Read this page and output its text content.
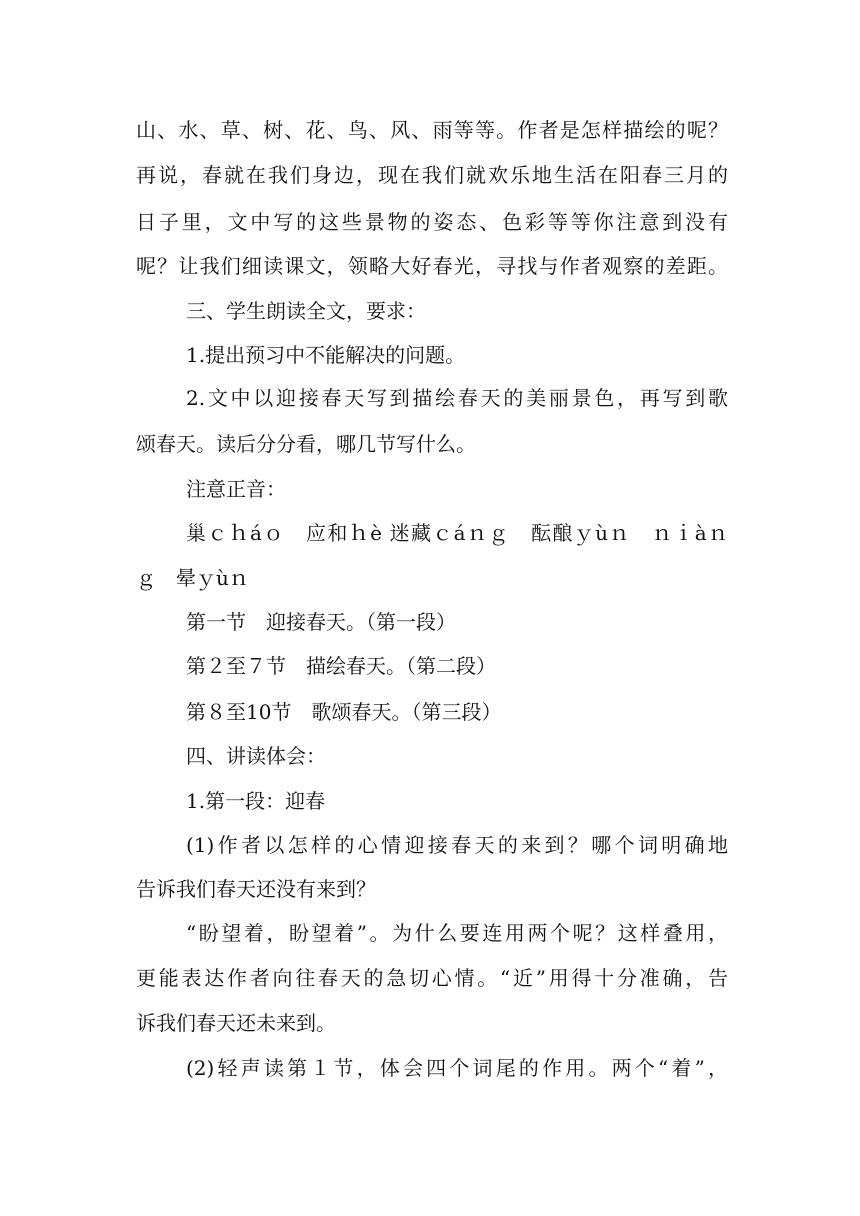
山、水、草、树、花、鸟、风、雨等等。作者是怎样描绘的呢？
再说，春就在我们身边，现在我们就欢乐地生活在阳春三月的
日子里，文中写的这些景物的姿态、色彩等等你注意到没有
呢？让我们细读课文，领略大好春光，寻找与作者观察的差距。
三、学生朗读全文，要求：
1.提出预习中不能解决的问题。
2.文中以迎接春天写到描绘春天的美丽景色，再写到歌
颂春天。读后分分看，哪几节写什么。
注意正音：
巢ｃｈáｏ　应和ｈè 迷藏ｃáｎｇ　酝酿ｙùｎ　ｎｉàｎ
ｇ　晕ｙùｎ
第一节　迎接春天。（第一段）
第２至７节　描绘春天。（第二段）
第８至10节　歌颂春天。（第三段）
四、讲读体会：
1.第一段：迎春
(1)作者以怎样的心情迎接春天的来到？哪个词明确地
告诉我们春天还没有来到？
“盼望着，盼望着”。为什么要连用两个呢？这样叠用，
更能表达作者向往春天的急切心情。“近”用得十分准确，告
诉我们春天还未来到。
(2)轻声读第１节，体会四个词尾的作用。两个“着”，
